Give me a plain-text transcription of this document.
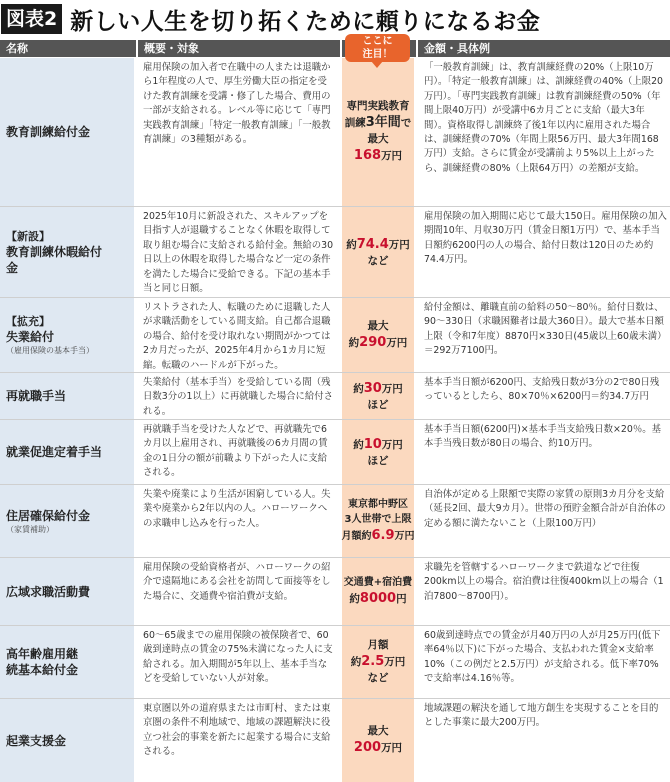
図表2 新しい人生を切り拓くために頼りになるお金
名称	概要・対象	金額・具体例
ここに
注目！
教育訓練給付金
雇用保険の加入者で在職中の人または退職から1年程度の人で、厚生労働大臣の指定を受けた教育訓練を受講・修了した場合、費用の一部が支給される。レベル等に応じて「専門実践教育訓練」「特定一般教育訓練」「一般教育訓練」の3種類がある。
専門実践教育
訓練3年間で
最大
168万円
「一般教育訓練」は、教育訓練経費の20%（上限10万円）。「特定一般教育訓練」は、訓練経費の40%（上限20万円）。「専門実践教育訓練」は教育訓練経費の50%（年間上限40万円）が受講中6カ月ごとに支給（最大3年間）。資格取得し訓練終了後1年以内に雇用された場合は、訓練経費の70%（年間上限56万円、最大3年間168万円）支給。さらに賃金が受講前より5%以上上がったら、訓練経費の80%（上限64万円）の差額が支給。
【新設】
教育訓練休暇給付金
2025年10月に新設された、スキルアップを目指す人が退職することなく休暇を取得して取り組む場合に支給される給付金。無給の30日以上の休暇を取得した場合など一定の条件を満たした場合に受給できる。下記の基本手当と同じ日額。
約74.4万円
など
雇用保険の加入期間に応じて最大150日。雇用保険の加入期間10年、月収30万円（賃金日額1万円）で、基本手当日額約6200円の人の場合、給付日数は120日のため約74.4万円。
【拡充】
失業給付
（雇用保険の基本手当）
リストラされた人、転職のために退職した人が求職活動をしている間支給。自己都合退職の場合、給付を受け取れない期間がかつては2カ月だったが、2025年4月から1カ月に短縮。転職のハードルが下がった。
最大
約290万円
給付金額は、離職直前の給料の50〜80％。給付日数は、90〜330日（求職困難者は最大360日）。最大で基本日額上限（令和7年度）8870円×330日(45歳以上60歳未満）＝292万7100円。
再就職手当
失業給付（基本手当）を受給している間（残日数3分の1以上）に再就職した場合に給付される。
約30万円
ほど
基本手当日額が6200円、支給残日数が3分の2で80日残っているとしたら、80×70％×6200円＝約34.7万円
就業促進定着手当
再就職手当を受けた人などで、再就職先で6カ月以上雇用され、再就職後の6カ月間の賃金の1日分の額が前職より下がった人に支給される。
約10万円
ほど
基本手当日額(6200円)×基本手当支給残日数×20％。基本手当残日数が80日の場合、約10万円。
住居確保給付金
（家賃補助）
失業や廃業により生活が困窮している人。失業や廃業から2年以内の人。ハローワークへの求職申し込みを行った人。
東京都中野区
3人世帯で上限
月額約6.9万円
自治体が定める上限額で実際の家賃の原則3カ月分を支給（延長2回、最大9カ月）。世帯の預貯金額合計が自治体の定める額に満たないこと（上限100万円）
広域求職活動費
雇用保険の受給資格者が、ハローワークの紹介で遠隔地にある会社を訪問して面接等をした場合に、交通費や宿泊費が支給。
交通費+宿泊費
約8000円
求職先を管轄するハローワークまで鉄道などで往復200km以上の場合。宿泊費は往復400km以上の場合（1泊7800〜8700円）。
高年齢雇用継続基本給付金
60〜65歳までの雇用保険の被保険者で、60歳到達時点の賃金の75%未満になった人に支給される。加入期間が5年以上、基本手当などを受給していない人が対象。
月額
約2.5万円
など
60歳到達時点での賃金が月40万円の人が月25万円(低下率64％以下)に下がった場合、支払われた賃金×支給率10%（この例だと2.5万円）が支給される。低下率70%で支給率は4.16％等。
起業支援金
東京圏以外の道府県または市町村、または東京圏の条件不利地域で、地域の課題解決に役立つ社会的事業を新たに起業する場合に支給される。
最大
200万円
地域課題の解決を通して地方創生を実現することを目的とした事業に最大200万円。
